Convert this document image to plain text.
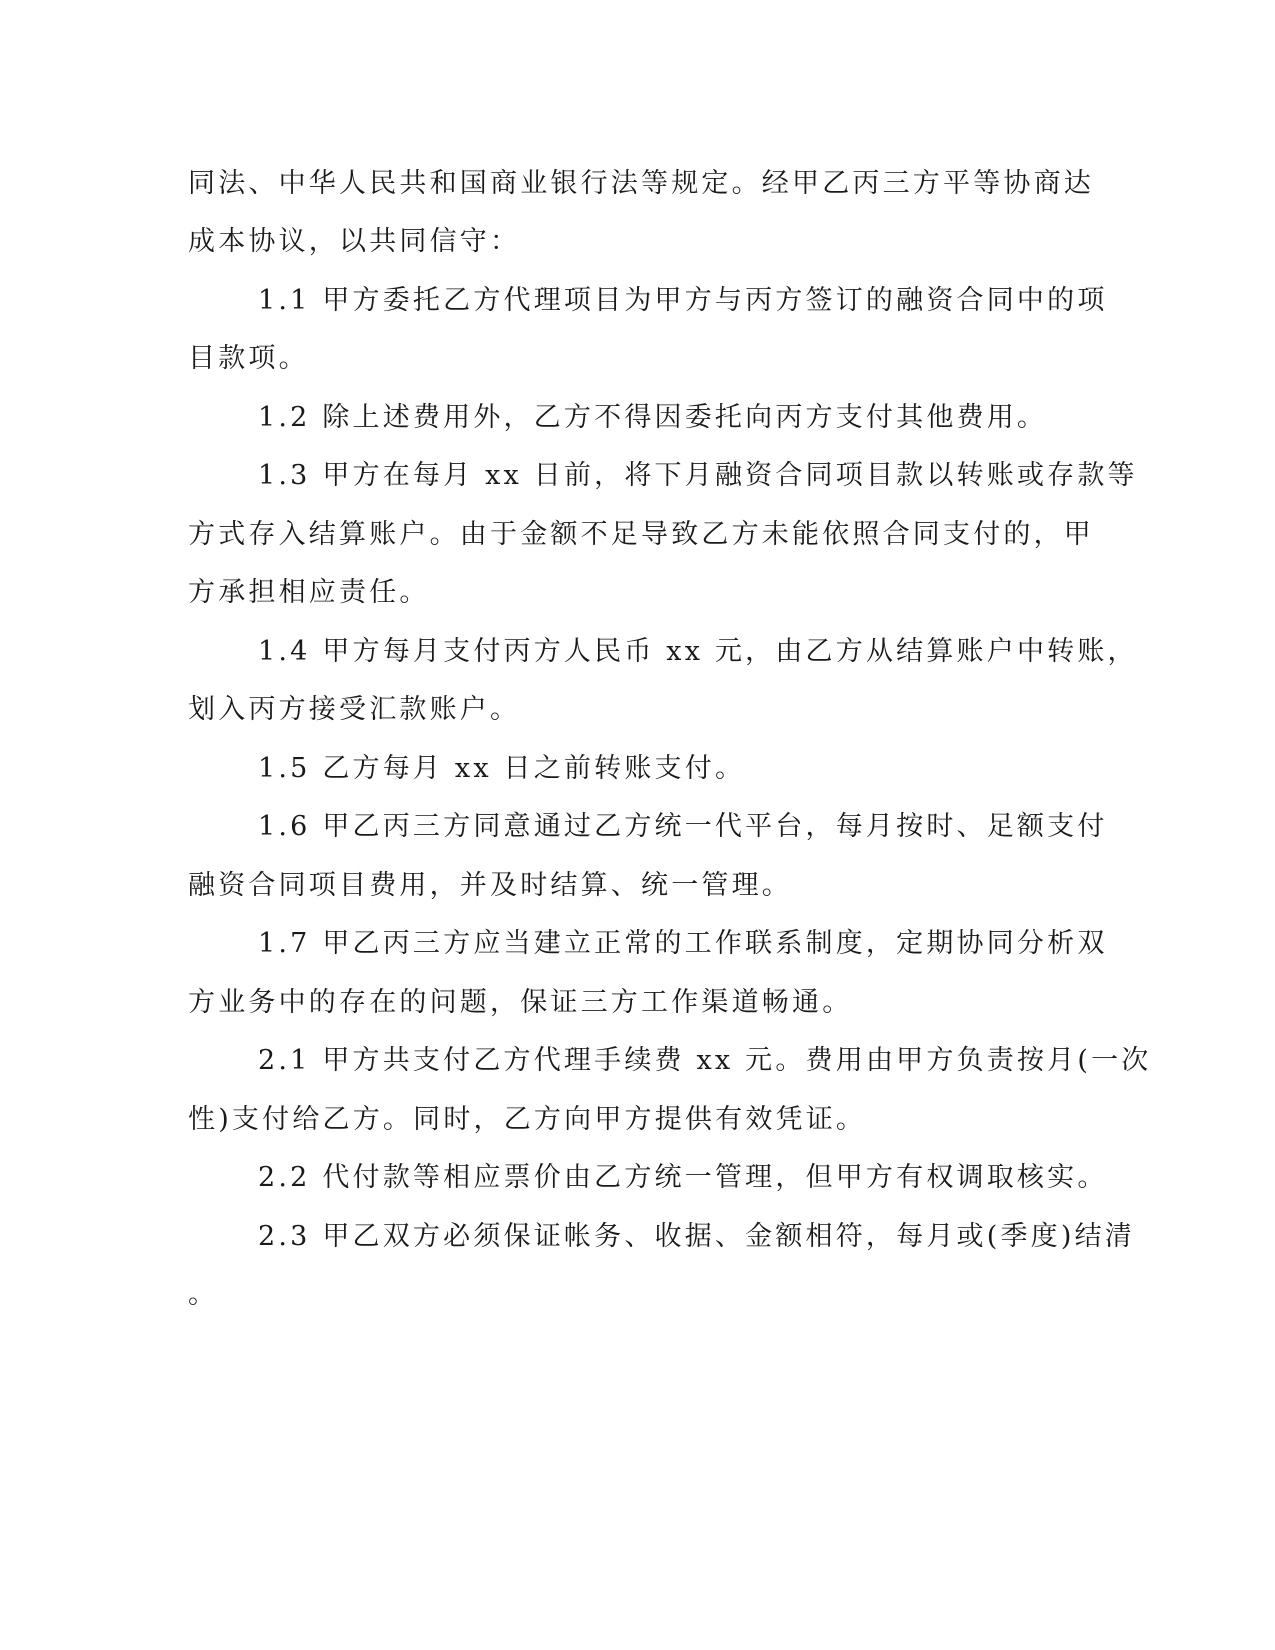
同法、中华人民共和国商业银行法等规定。经甲乙丙三方平等协商达
成本协议，以共同信守：
1.1 甲方委托乙方代理项目为甲方与丙方签订的融资合同中的项
目款项。
1.2 除上述费用外，乙方不得因委托向丙方支付其他费用。
1.3 甲方在每月 xx 日前，将下月融资合同项目款以转账或存款等
方式存入结算账户。由于金额不足导致乙方未能依照合同支付的，甲
方承担相应责任。
1.4 甲方每月支付丙方人民币 xx 元，由乙方从结算账户中转账，
划入丙方接受汇款账户。
1.5 乙方每月 xx 日之前转账支付。
1.6 甲乙丙三方同意通过乙方统一代平台，每月按时、足额支付
融资合同项目费用，并及时结算、统一管理。
1.7 甲乙丙三方应当建立正常的工作联系制度，定期协同分析双
方业务中的存在的问题，保证三方工作渠道畅通。
2.1 甲方共支付乙方代理手续费 xx 元。费用由甲方负责按月(一次
性)支付给乙方。同时，乙方向甲方提供有效凭证。
2.2 代付款等相应票价由乙方统一管理，但甲方有权调取核实。
2.3 甲乙双方必须保证帐务、收据、金额相符，每月或(季度)结清
。
